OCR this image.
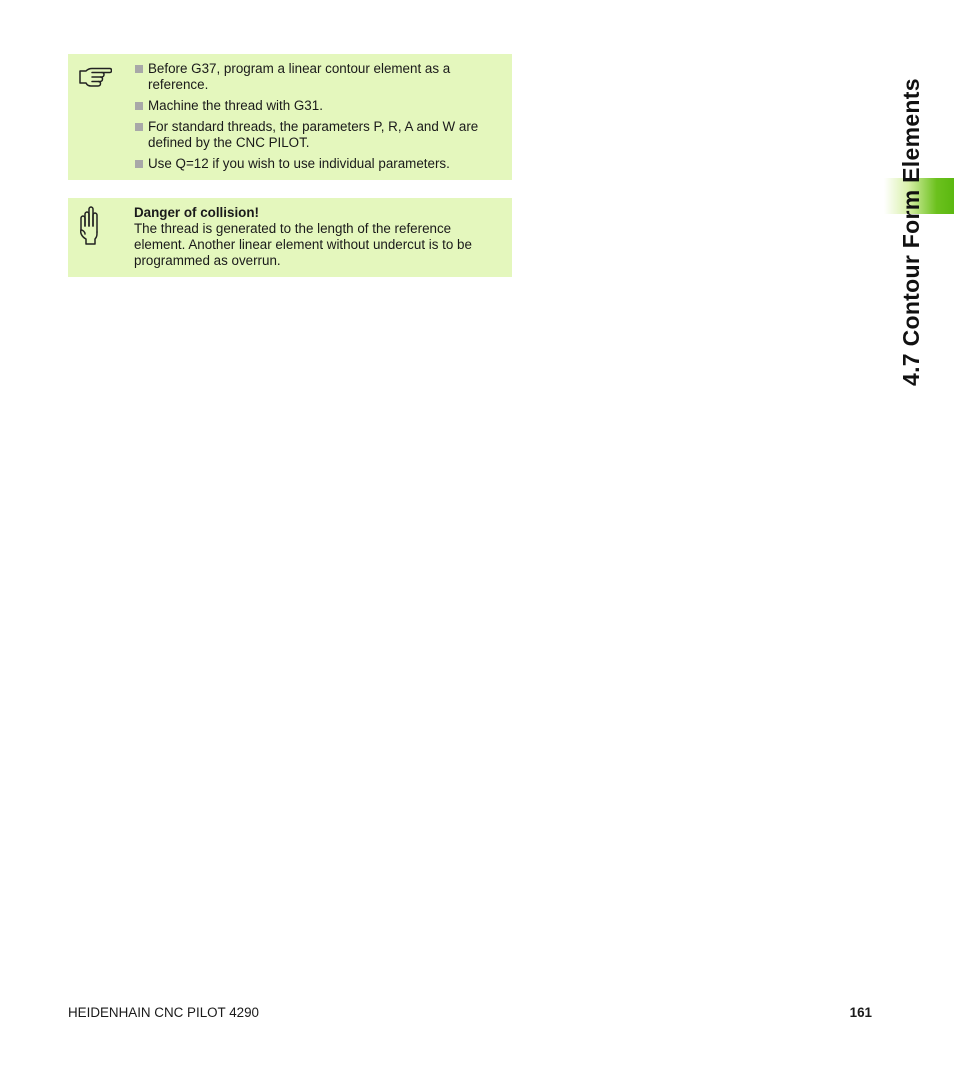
Before G37, program a linear contour element as a reference.
Machine the thread with G31.
For standard threads, the parameters P, R, A and W are defined by the CNC PILOT.
Use Q=12 if you wish to use individual parameters.
Danger of collision!
The thread is generated to the length of the reference element. Another linear element without undercut is to be programmed as overrun.	4.7 Contour Form Elements
HEIDENHAIN CNC PILOT 4290	161
